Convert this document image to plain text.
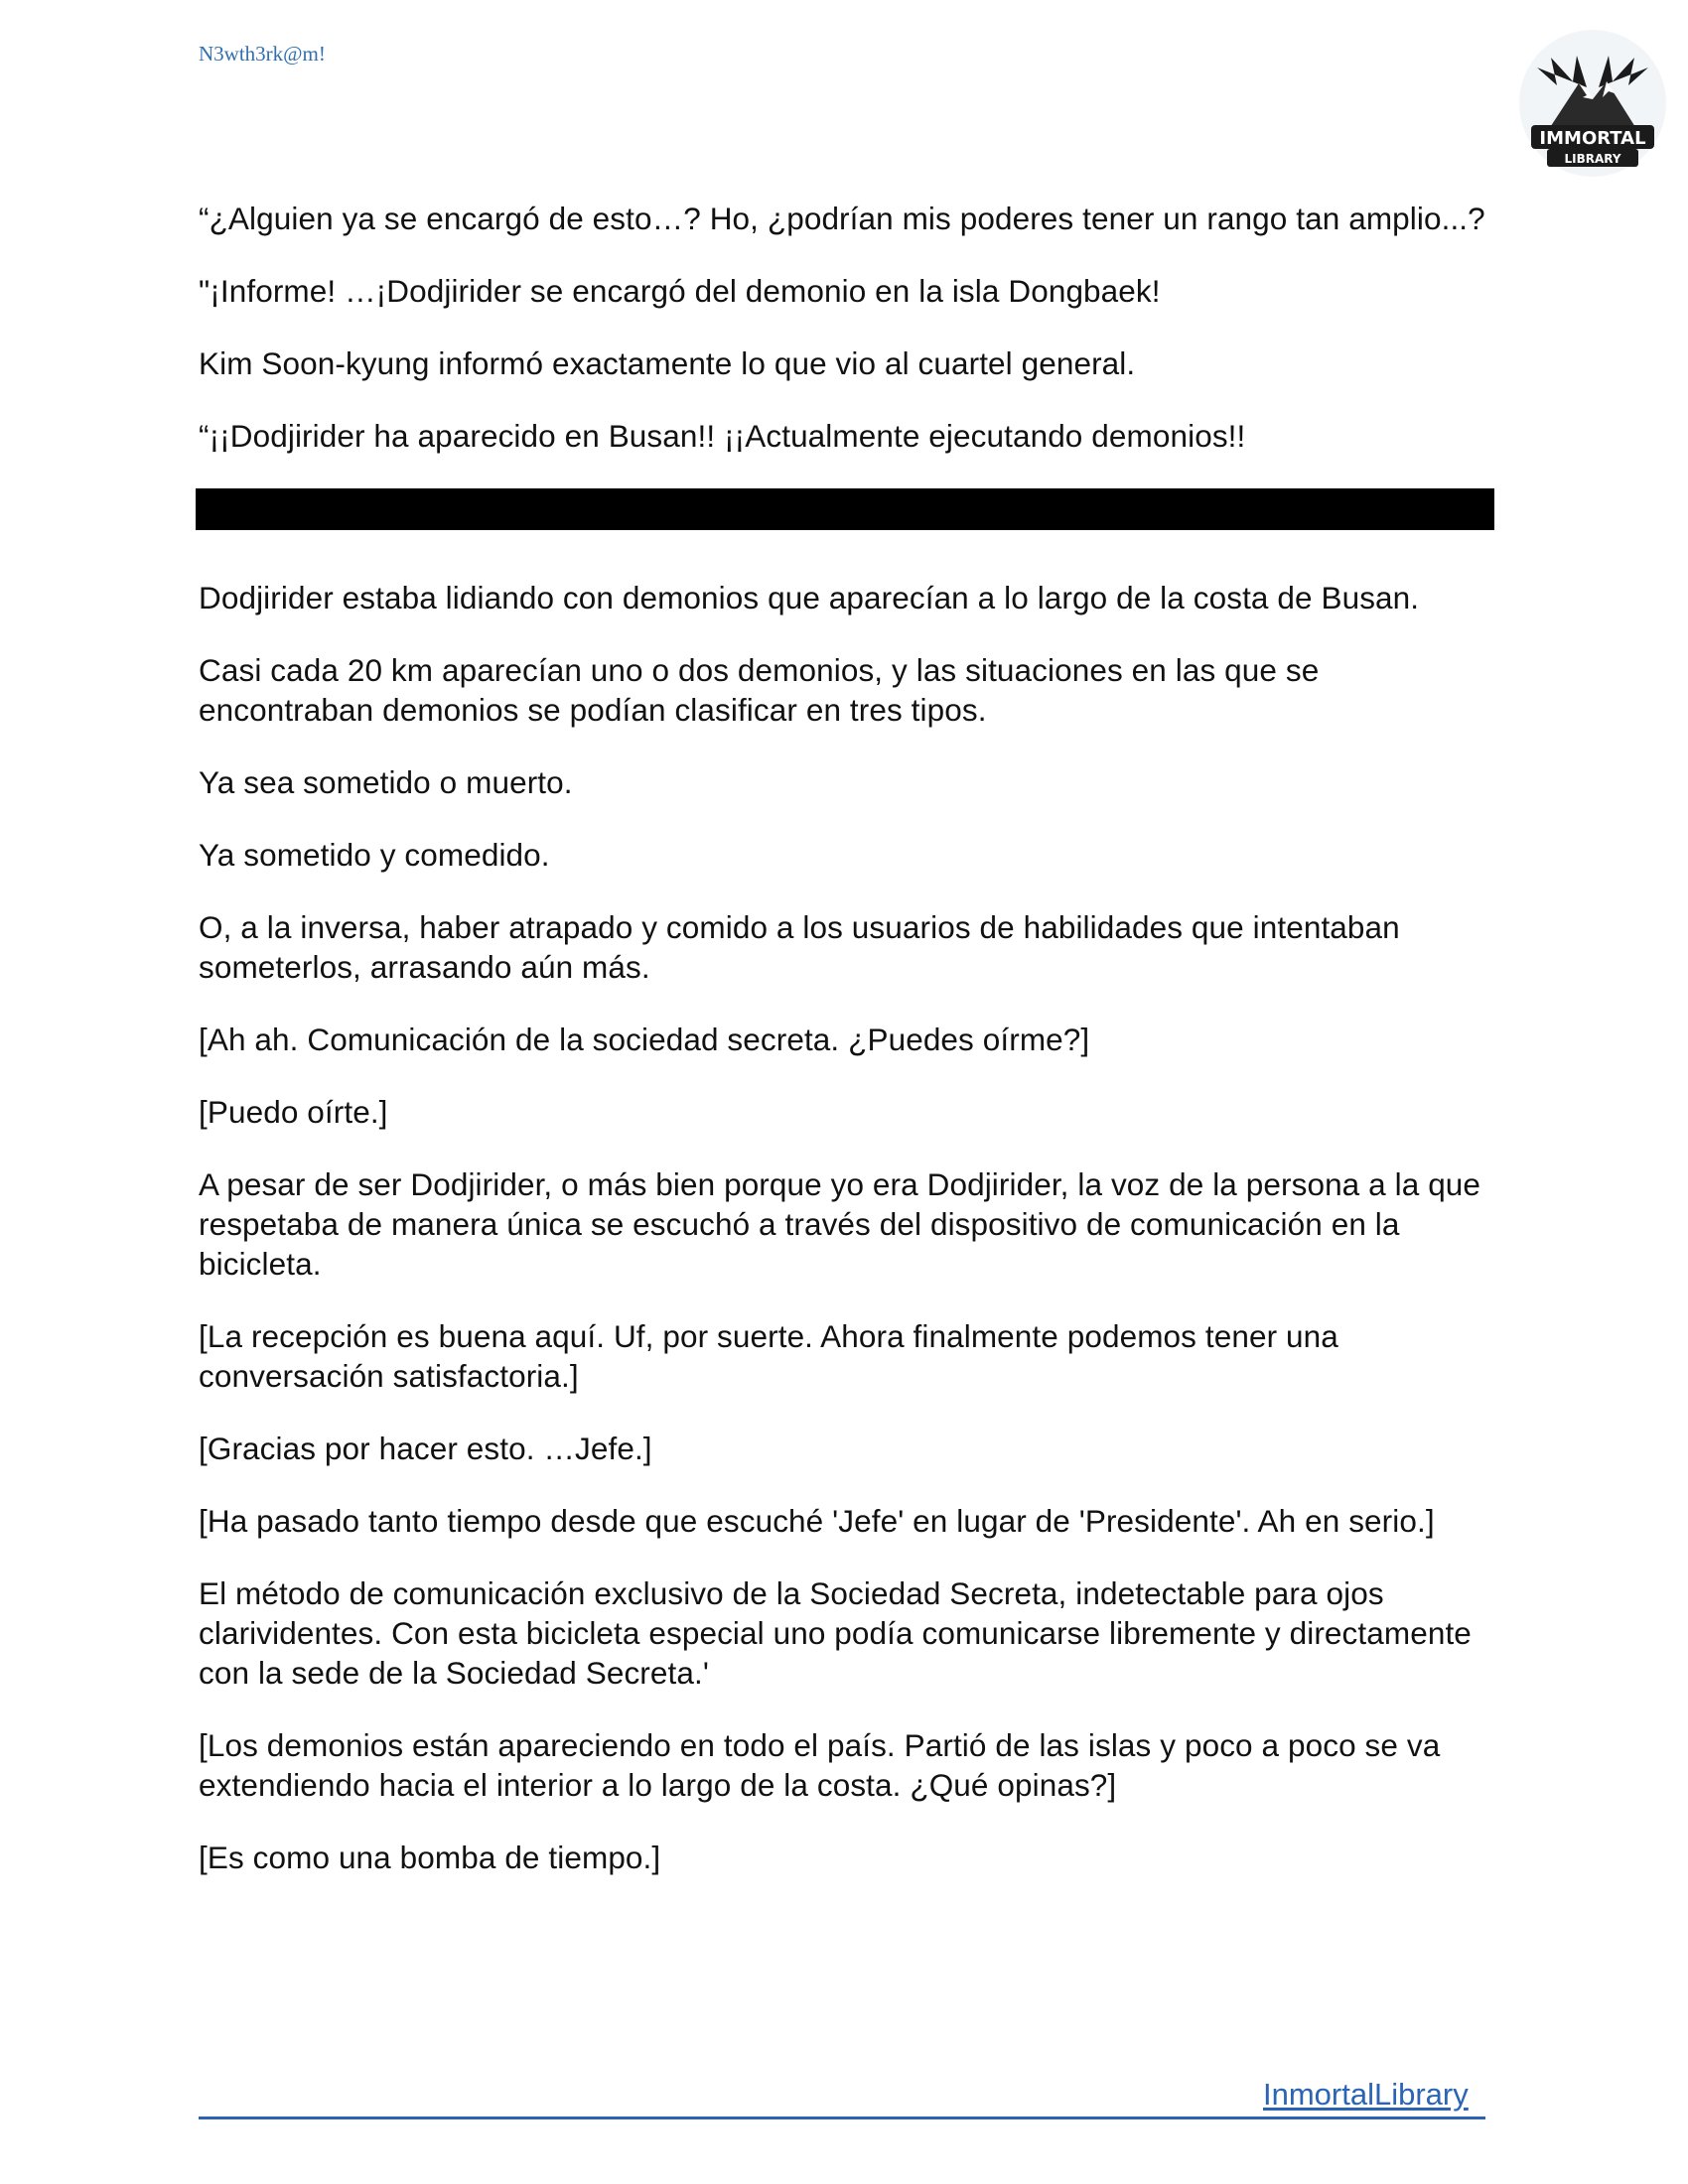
N3wth3rk@m!
IMMORTAL
LIBRARY

“¿Alguien ya se encargó de esto…? Ho, ¿podrían mis poderes tener un rango tan amplio...?

"¡Informe! …¡Dodjirider se encargó del demonio en la isla Dongbaek!

Kim Soon-kyung informó exactamente lo que vio al cuartel general.

“¡¡Dodjirider ha aparecido en Busan!! ¡¡Actualmente ejecutando demonios!!

Dodjirider estaba lidiando con demonios que aparecían a lo largo de la costa de Busan.

Casi cada 20 km aparecían uno o dos demonios, y las situaciones en las que se encontraban demonios se podían clasificar en tres tipos.

Ya sea sometido o muerto.

Ya sometido y comedido.

O, a la inversa, haber atrapado y comido a los usuarios de habilidades que intentaban someterlos, arrasando aún más.

[Ah ah. Comunicación de la sociedad secreta. ¿Puedes oírme?]

[Puedo oírte.]

A pesar de ser Dodjirider, o más bien porque yo era Dodjirider, la voz de la persona a la que respetaba de manera única se escuchó a través del dispositivo de comunicación en la bicicleta.

[La recepción es buena aquí. Uf, por suerte. Ahora finalmente podemos tener una conversación satisfactoria.]

[Gracias por hacer esto. …Jefe.]

[Ha pasado tanto tiempo desde que escuché 'Jefe' en lugar de 'Presidente'. Ah en serio.]

El método de comunicación exclusivo de la Sociedad Secreta, indetectable para ojos clarividentes. Con esta bicicleta especial uno podía comunicarse libremente y directamente con la sede de la Sociedad Secreta.'

[Los demonios están apareciendo en todo el país. Partió de las islas y poco a poco se va extendiendo hacia el interior a lo largo de la costa. ¿Qué opinas?]

[Es como una bomba de tiempo.]

InmortalLibrary
